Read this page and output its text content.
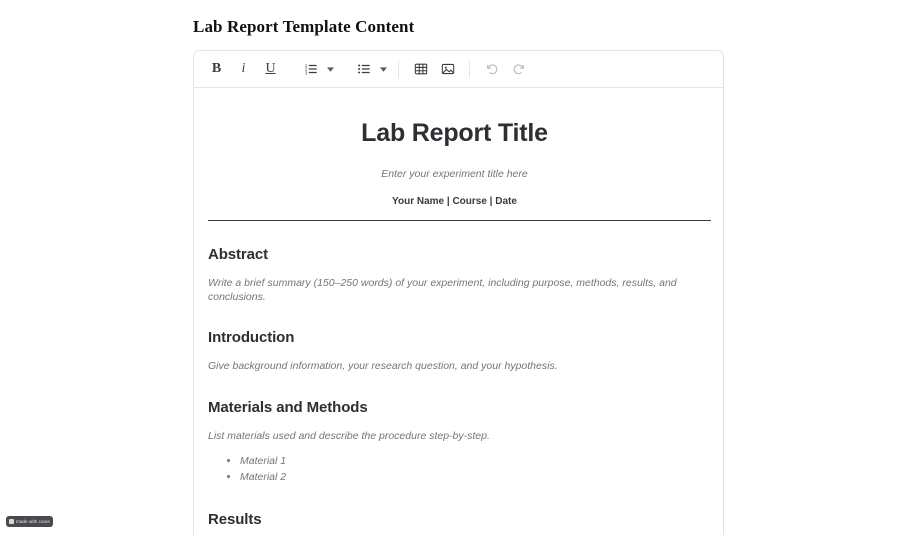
Lab Report Template Content
B	i	U	1
2
3
Lab Report Title
Enter your experiment title here
Your Name | Course | Date
Abstract
Write a brief summary (150–250 words) of your experiment, including purpose, methods, results, and conclusions.
Introduction
Give background information, your research question, and your hypothesis.
Materials and Methods
List materials used and describe the procedure step-by-step.
• Material 1
• Material 2
Results
made with caine
